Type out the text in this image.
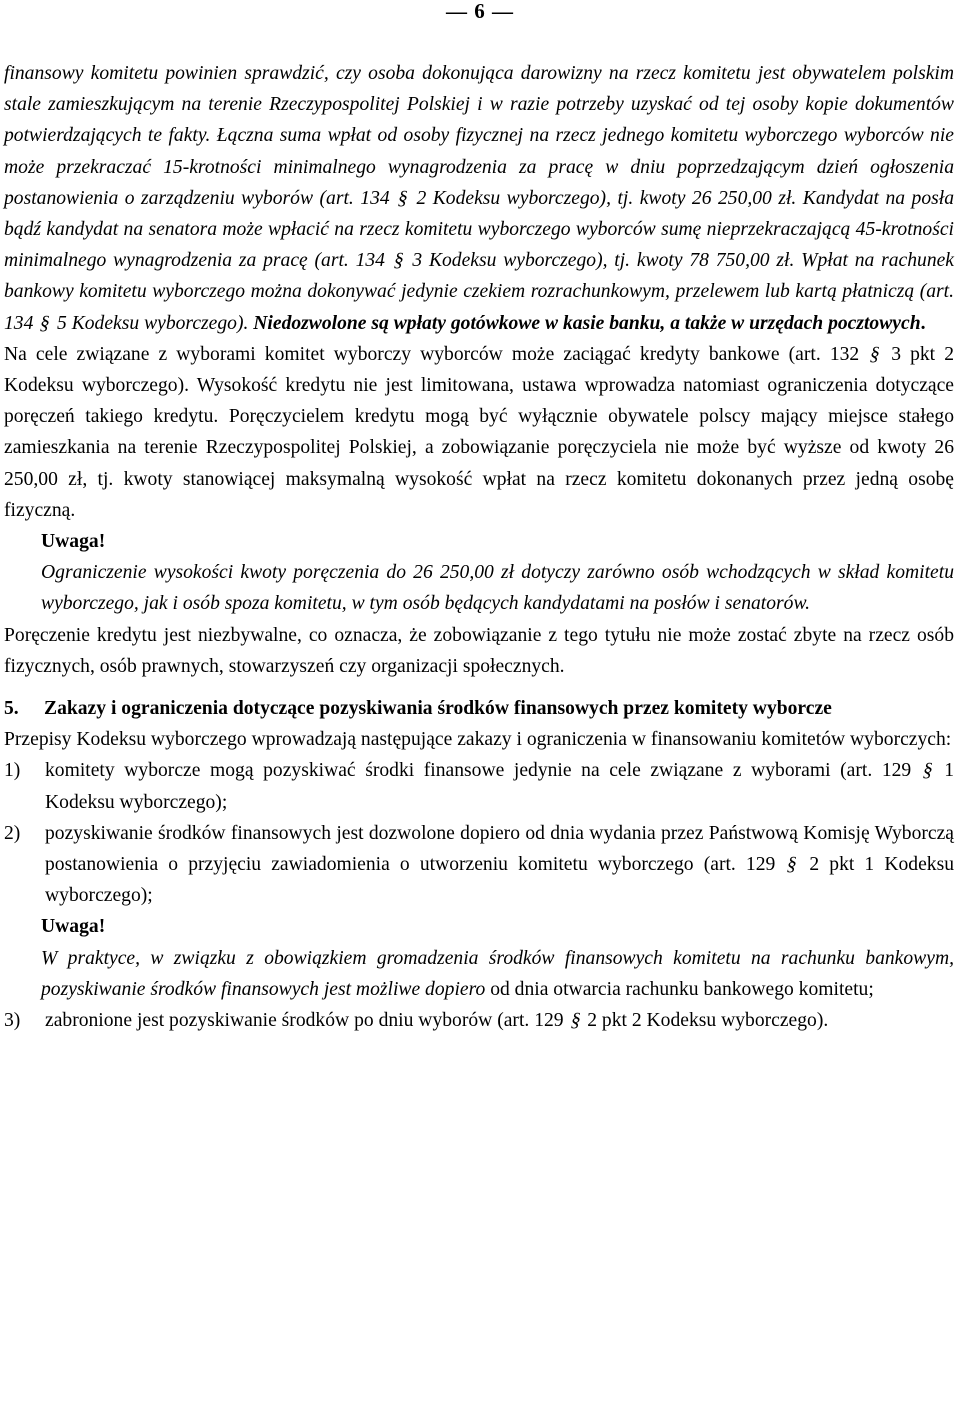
— 6 —

finansowy komitetu powinien sprawdzić, czy osoba dokonująca darowizny na rzecz komitetu jest obywatelem polskim stale zamieszkującym na terenie Rzeczypospolitej Polskiej i w razie potrzeby uzyskać od tej osoby kopie dokumentów potwierdzających te fakty. Łączna suma wpłat od osoby fizycznej na rzecz jednego komitetu wyborczego wyborców nie może przekraczać 15-krotności minimalnego wynagrodzenia za pracę w dniu poprzedzającym dzień ogłoszenia postanowienia o zarządzeniu wyborów (art. 134 § 2 Kodeksu wyborczego), tj. kwoty 26 250,00 zł. Kandydat na posła bądź kandydat na senatora może wpłacić na rzecz komitetu wyborczego wyborców sumę nieprzekraczającą 45-krotności minimalnego wynagrodzenia za pracę (art. 134 § 3 Kodeksu wyborczego), tj. kwoty 78 750,00 zł. Wpłat na rachunek bankowy komitetu wyborczego można dokonywać jedynie czekiem rozrachunkowym, przelewem lub kartą płatniczą (art. 134 § 5 Kodeksu wyborczego). Niedozwolone są wpłaty gotówkowe w kasie banku, a także w urzędach pocztowych.

Na cele związane z wyborami komitet wyborczy wyborców może zaciągać kredyty bankowe (art. 132 § 3 pkt 2 Kodeksu wyborczego). Wysokość kredytu nie jest limitowana, ustawa wprowadza natomiast ograniczenia dotyczące poręczeń takiego kredytu. Poręczycielem kredytu mogą być wyłącznie obywatele polscy mający miejsce stałego zamieszkania na terenie Rzeczypospolitej Polskiej, a zobowiązanie poręczyciela nie może być wyższe od kwoty 26 250,00 zł, tj. kwoty stanowiącej maksymalną wysokość wpłat na rzecz komitetu dokonanych przez jedną osobę fizyczną.

Uwaga!

Ograniczenie wysokości kwoty poręczenia do 26 250,00 zł dotyczy zarówno osób wchodzących w skład komitetu wyborczego, jak i osób spoza komitetu, w tym osób będących kandydatami na posłów i senatorów.

Poręczenie kredytu jest niezbywalne, co oznacza, że zobowiązanie z tego tytułu nie może zostać zbyte na rzecz osób fizycznych, osób prawnych, stowarzyszeń czy organizacji społecznych.

5. Zakazy i ograniczenia dotyczące pozyskiwania środków finansowych przez komitety wyborcze

Przepisy Kodeksu wyborczego wprowadzają następujące zakazy i ograniczenia w finansowaniu komitetów wyborczych:

1) komitety wyborcze mogą pozyskiwać środki finansowe jedynie na cele związane z wyborami (art. 129 § 1 Kodeksu wyborczego);

2) pozyskiwanie środków finansowych jest dozwolone dopiero od dnia wydania przez Państwową Komisję Wyborczą postanowienia o przyjęciu zawiadomienia o utworzeniu komitetu wyborczego (art. 129 § 2 pkt 1 Kodeksu wyborczego);

Uwaga!

W praktyce, w związku z obowiązkiem gromadzenia środków finansowych komitetu na rachunku bankowym, pozyskiwanie środków finansowych jest możliwe dopiero od dnia otwarcia rachunku bankowego komitetu;

3) zabronione jest pozyskiwanie środków po dniu wyborów (art. 129 § 2 pkt 2 Kodeksu wyborczego).
